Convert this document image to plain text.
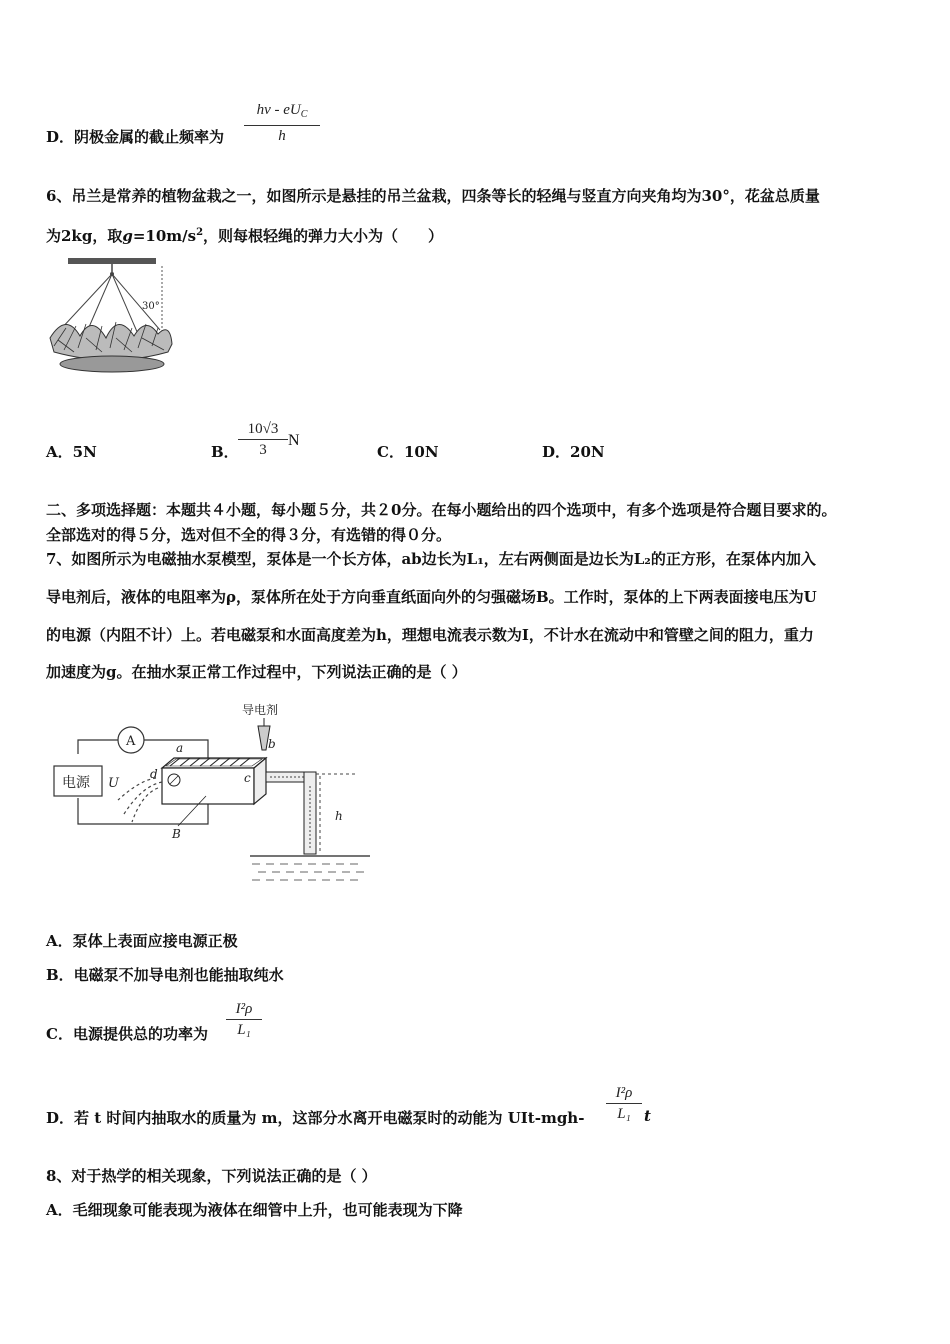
D．阴极金属的截止频率为
hv - $eU_C$
h
6、吊兰是常养的植物盆栽之一，如图所示是悬挂的吊兰盆栽，四条等长的轻绳与竖直方向夹角均为30°，花盆总质量
为2kg，取$g=10m/s^2$，则每根轻绳的弹力大小为（　　）
30°
A．5N	B．
10√3
3
N
C．10N	D．20N
二、多项选择题：本题共４小题，每小题５分，共２0分。在每小题给出的四个选项中，有多个选项是符合题目要求的。
全部选对的得５分，选对但不全的得３分，有选错的得０分。
7、如图所示为电磁抽水泵模型，泵体是一个长方体，ab边长为L₁，左右两侧面是边长为L₂的正方形，在泵体内加入
导电剂后，液体的电阻率为ρ，泵体所在处于方向垂直纸面向外的匀强磁场B。工作时，泵体的上下两表面接电压为U
的电源（内阻不计）上。若电磁泵和水面高度差为h，理想电流表示数为I，不计水在流动中和管壁之间的阻力，重力
加速度为g。在抽水泵正常工作过程中，下列说法正确的是（ ）
电源 U
A	a	b
c
d
B
导电剂
h
A．泵体上表面应接电源正极
B．电磁泵不加导电剂也能抽取纯水
C．电源提供总的功率为
I²ρ
L₁
D．若 t 时间内抽取水的质量为 m，这部分水离开电磁泵时的动能为 UIt-mgh-
I²ρ
L₁ t
8、对于热学的相关现象，下列说法正确的是（ ）
A．毛细现象可能表现为液体在细管中上升，也可能表现为下降
